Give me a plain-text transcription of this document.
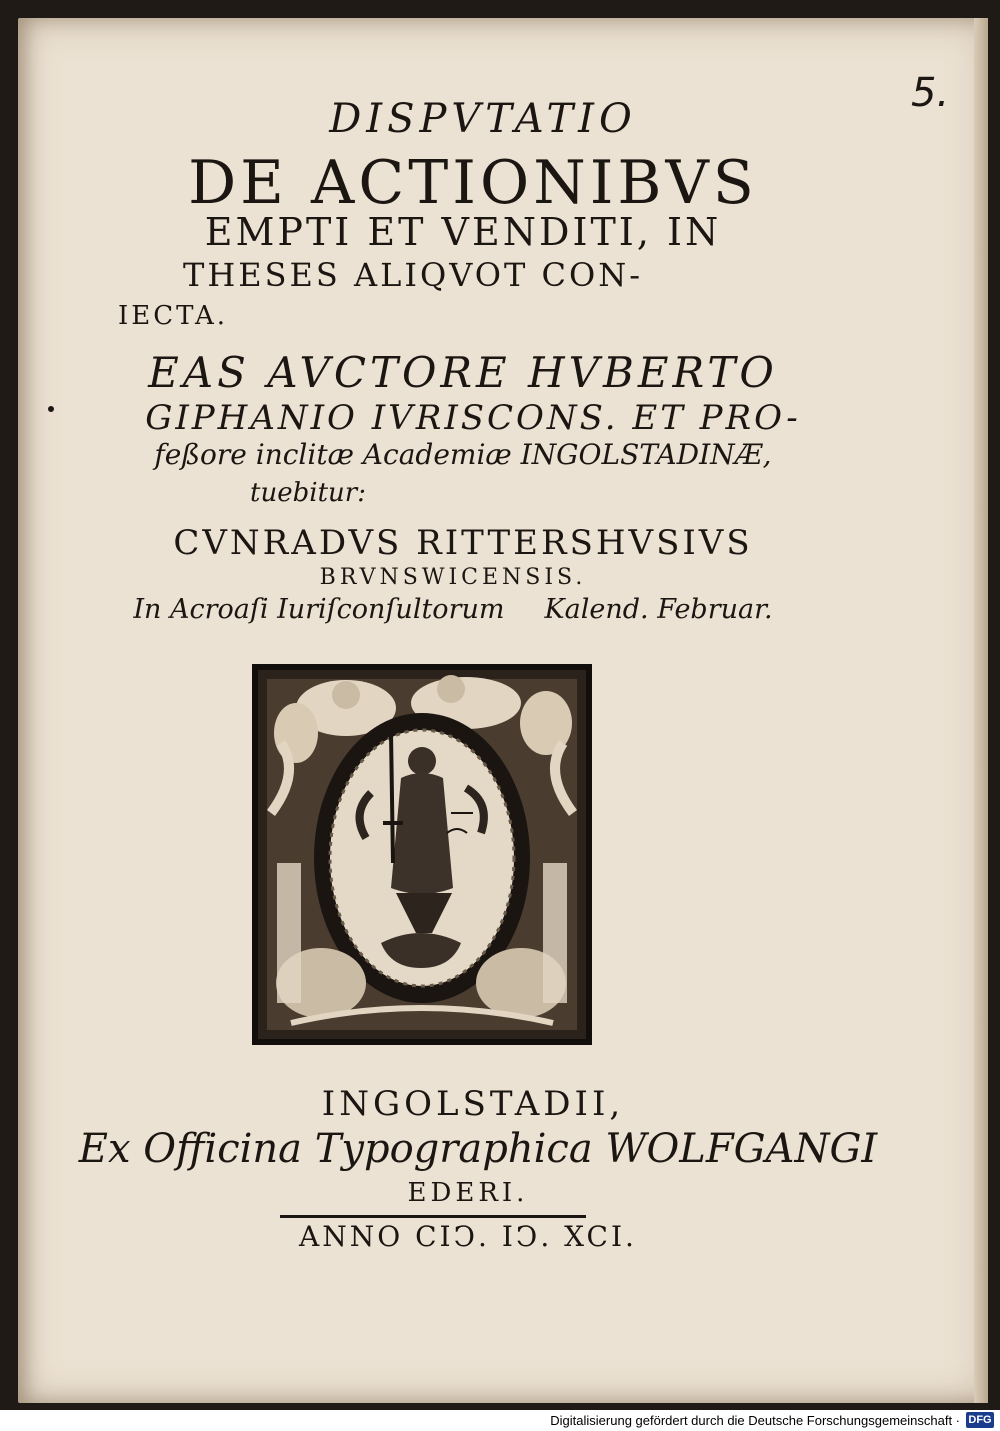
5.
DISPVTATIO
DE ACTIONIBVS
EMPTI ET VENDITI, IN
THESES ALIQVOT CON-
IECTA.
EAS AVCTORE HVBERTO
GIPHANIO IVRISCONS. ET PRO-
feßore inclitæ Academiæ INGOLSTADINÆ,
tuebitur:
CVNRADVS RITTERSHVSIVS
BRVNSWICENSIS.
In Acroaſi Iuriſconſultorum Kalend. Februar.
INGOLSTADII,
Ex Officina Typographica WOLFGANGI
EDERI.
ANNO CIↃ. IↃ. XCI.
Digitalisierung gefördert durch die Deutsche Forschungsgemeinschaft · DFG
